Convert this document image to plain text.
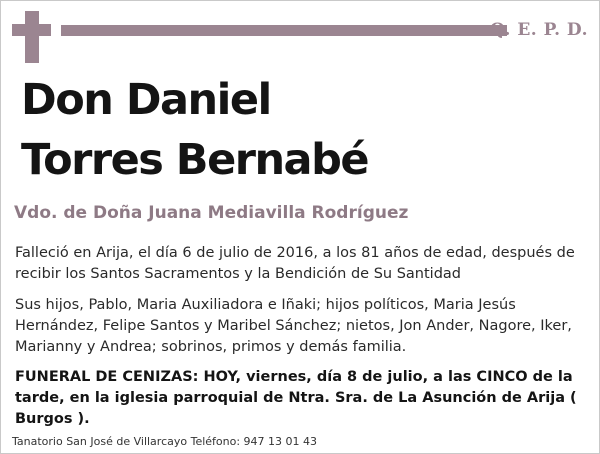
Q. E. P. D.
Don Daniel
Torres Bernabé
Vdo. de Doña Juana Mediavilla Rodríguez
Falleció en Arija, el día 6 de julio de 2016, a los 81 años de edad, después de recibir los Santos Sacramentos y la Bendición de Su Santidad
Sus hijos, Pablo, Maria Auxiliadora e Iñaki; hijos políticos, Maria Jesús Hernández, Felipe Santos y Maribel Sánchez; nietos, Jon Ander, Nagore, Iker, Marianny y Andrea; sobrinos, primos y demás familia.
FUNERAL DE CENIZAS: HOY, viernes, día 8 de julio, a las CINCO de la tarde, en la iglesia parroquial de Ntra. Sra. de La Asunción de Arija ( Burgos ).
Tanatorio San José de Villarcayo Teléfono: 947 13 01 43
